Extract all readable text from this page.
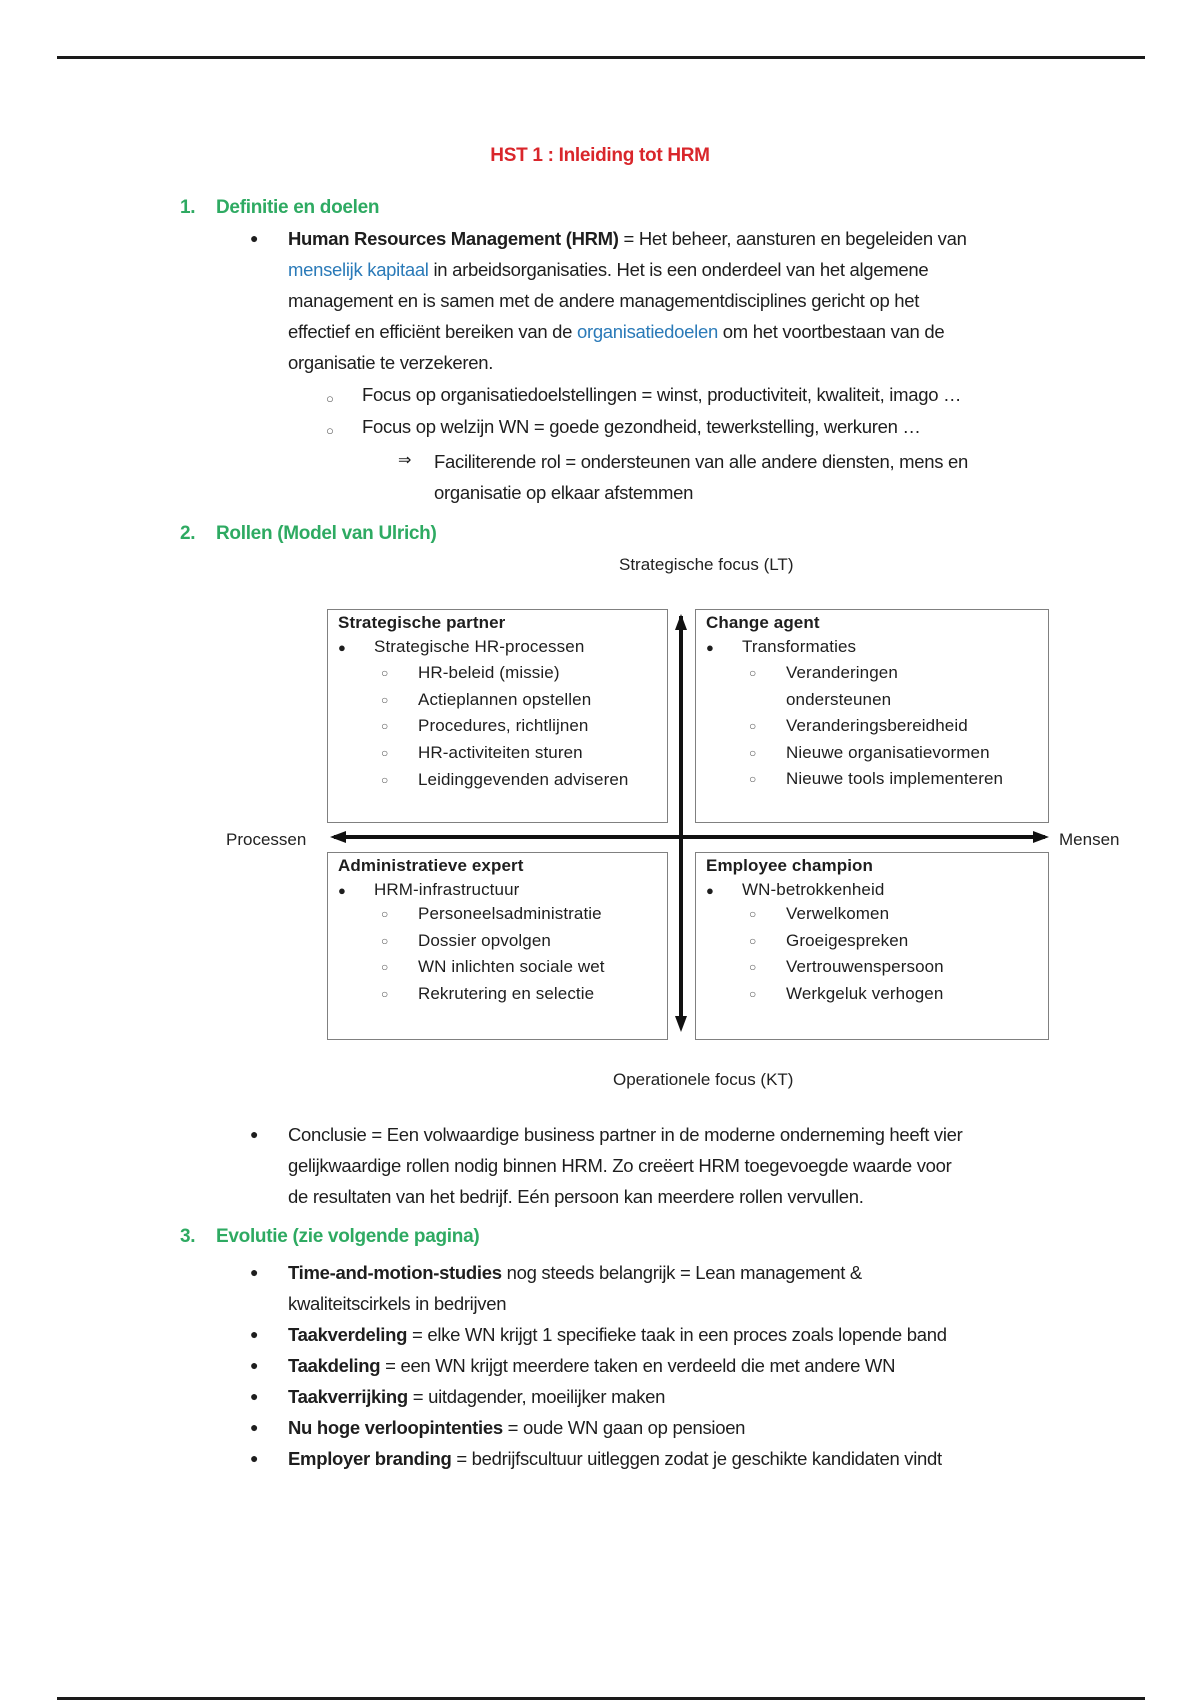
HST 1 : Inleiding tot HRM
1. Definitie en doelen
● Human Resources Management (HRM) = Het beheer, aansturen en begeleiden van
menselijk kapitaal in arbeidsorganisaties. Het is een onderdeel van het algemene
management en is samen met de andere managementdisciplines gericht op het
effectief en efficiënt bereiken van de organisatiedoelen om het voortbestaan van de
organisatie te verzekeren.
○ Focus op organisatiedoelstellingen = winst, productiviteit, kwaliteit, imago …
○ Focus op welzijn WN = goede gezondheid, tewerkstelling, werkuren …
⇒ Faciliterende rol = ondersteunen van alle andere diensten, mens en
organisatie op elkaar afstemmen
2. Rollen (Model van Ulrich)
Strategische focus (LT)
Processen	Mensen
Operationele focus (KT)
Strategische partner
● Strategische HR-processen
○ HR-beleid (missie)
○ Actieplannen opstellen
○ Procedures, richtlijnen
○ HR-activiteiten sturen
○ Leidinggevenden adviseren
Change agent
● Transformaties
○ Veranderingen
ondersteunen
○ Veranderingsbereidheid
○ Nieuwe organisatievormen
○ Nieuwe tools implementeren
Administratieve expert
● HRM-infrastructuur
○ Personeelsadministratie
○ Dossier opvolgen
○ WN inlichten sociale wet
○ Rekrutering en selectie
Employee champion
● WN-betrokkenheid
○ Verwelkomen
○ Groeigespreken
○ Vertrouwenspersoon
○ Werkgeluk verhogen
● Conclusie = Een volwaardige business partner in de moderne onderneming heeft vier
gelijkwaardige rollen nodig binnen HRM. Zo creëert HRM toegevoegde waarde voor
de resultaten van het bedrijf. Eén persoon kan meerdere rollen vervullen.
3. Evolutie (zie volgende pagina)
● Time-and-motion-studies nog steeds belangrijk = Lean management &
kwaliteitscirkels in bedrijven
● Taakverdeling = elke WN krijgt 1 specifieke taak in een proces zoals lopende band
● Taakdeling = een WN krijgt meerdere taken en verdeeld die met andere WN
● Taakverrijking = uitdagender, moeilijker maken
● Nu hoge verloopintenties = oude WN gaan op pensioen
● Employer branding = bedrijfscultuur uitleggen zodat je geschikte kandidaten vindt
